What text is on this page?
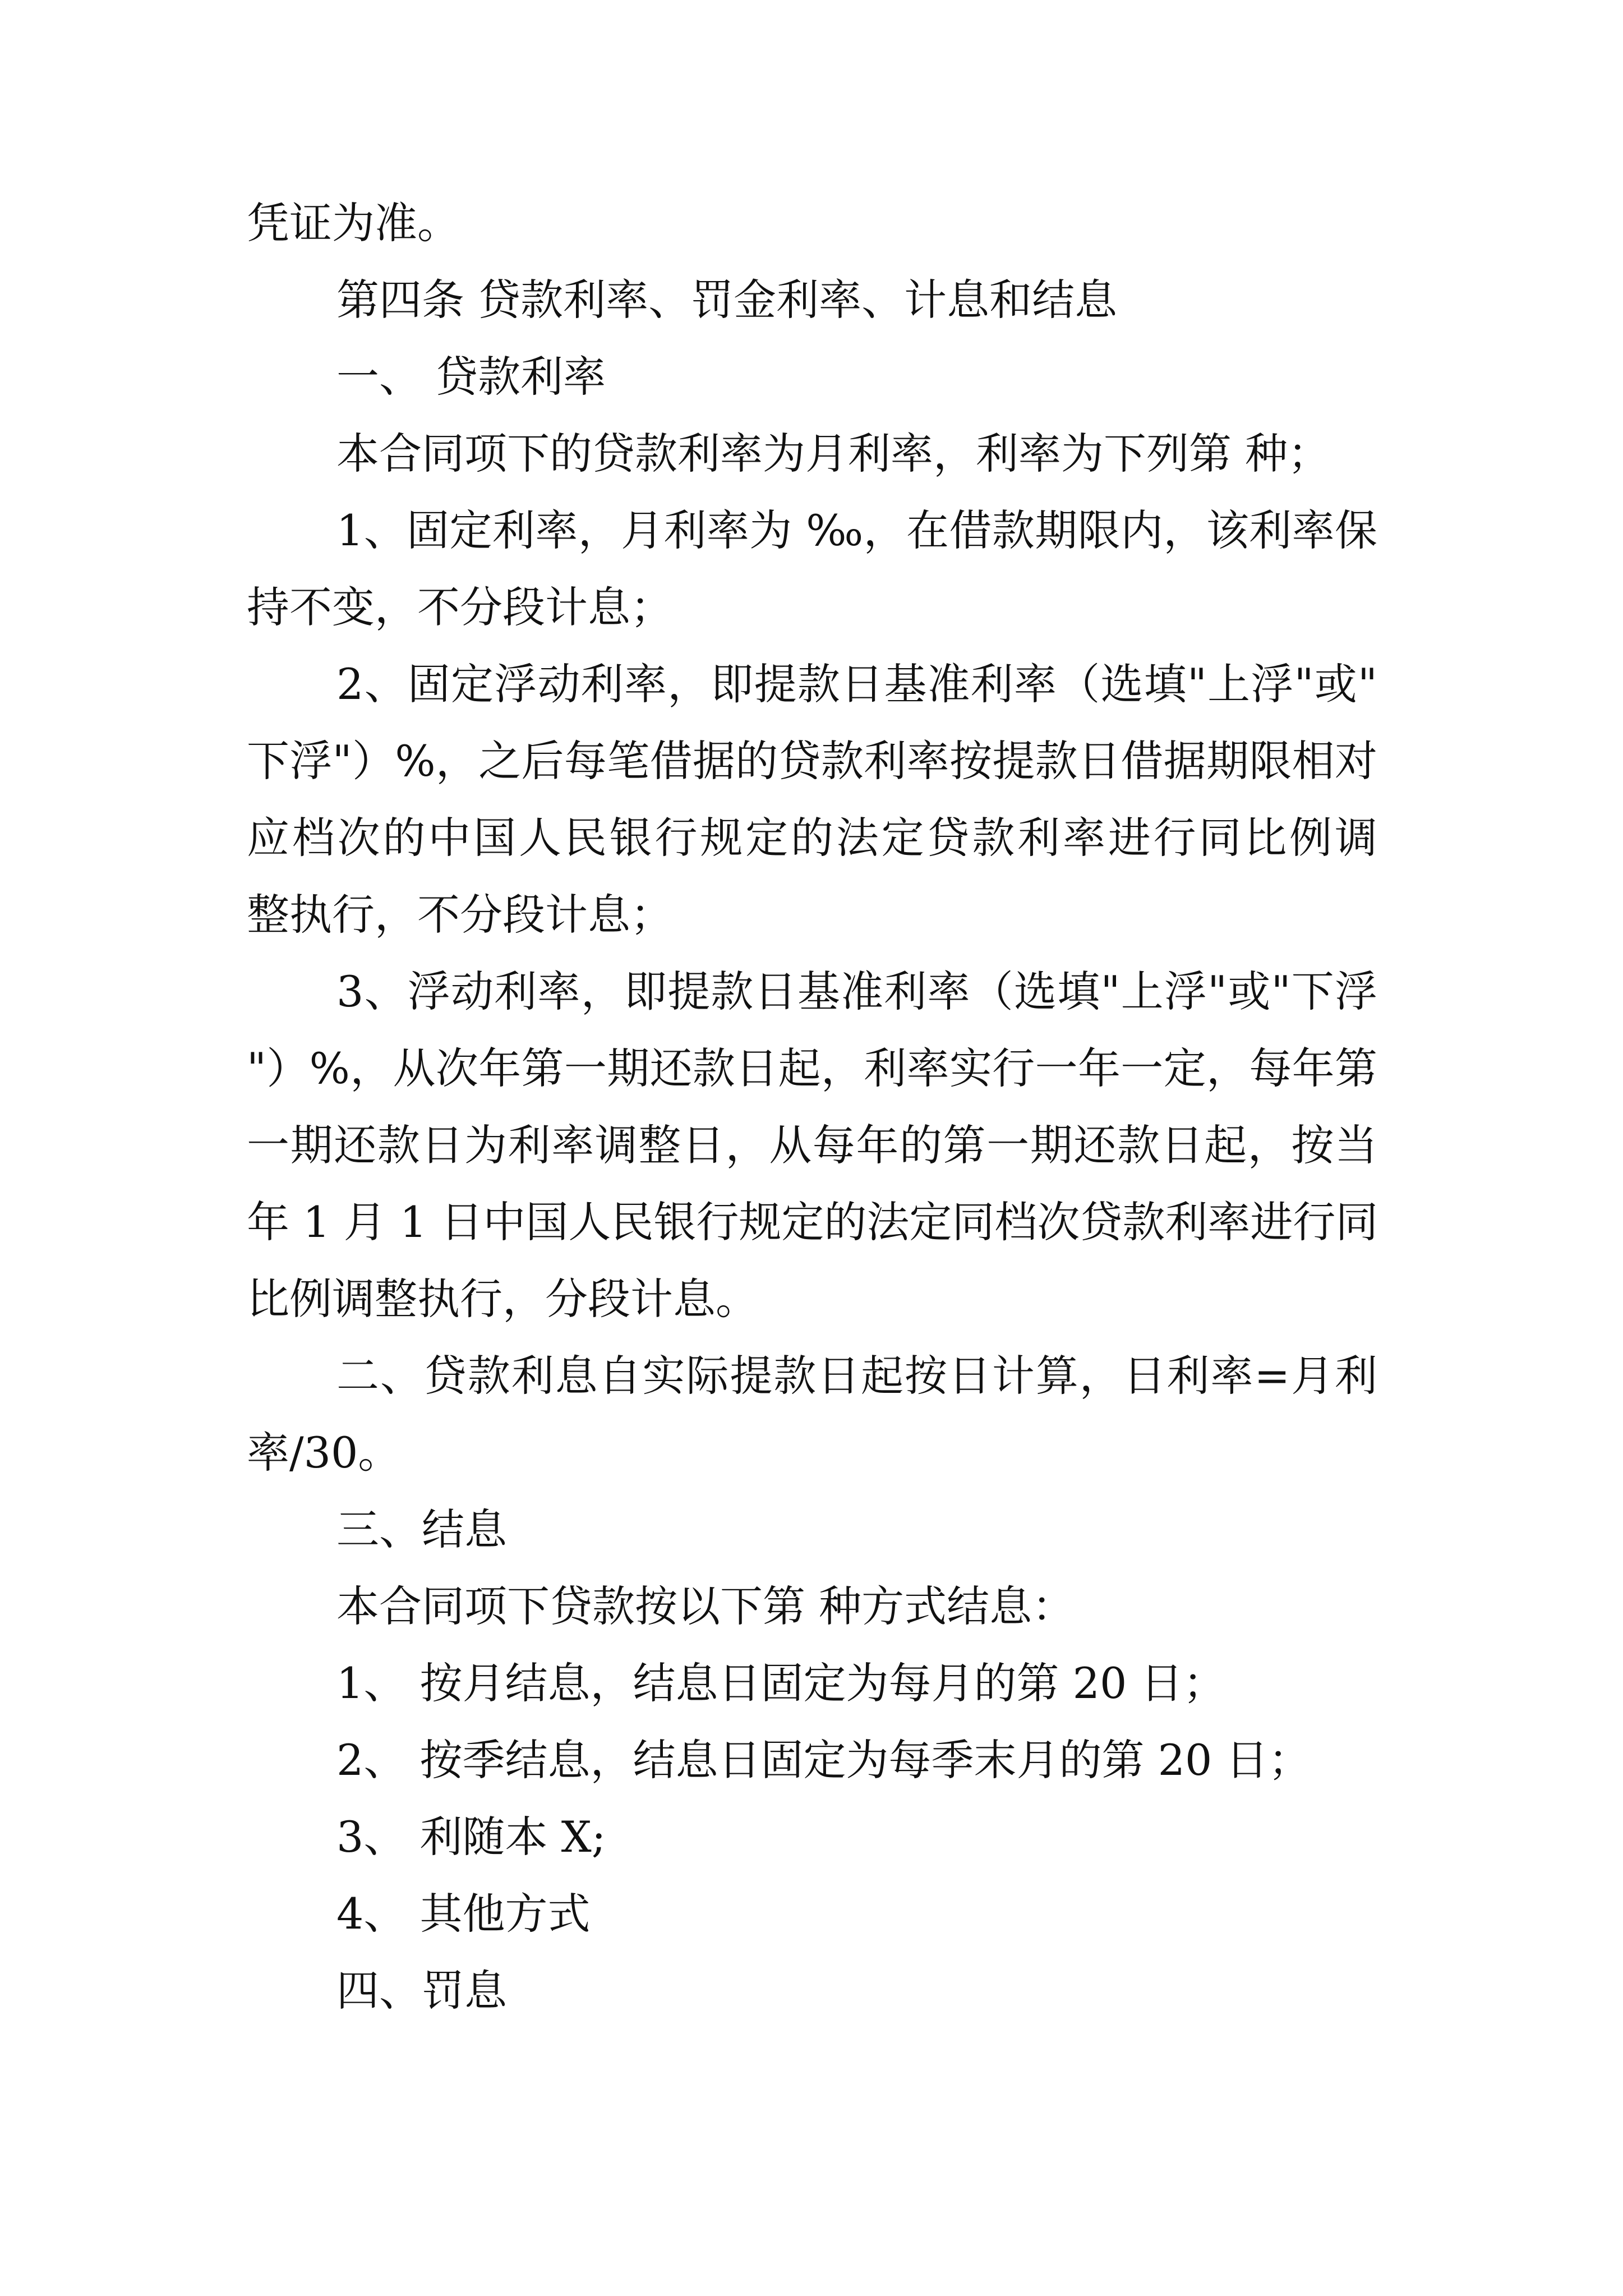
凭证为准。
第四条 贷款利率、罚金利率、计息和结息
一、 贷款利率
本合同项下的贷款利率为月利率，利率为下列第 种；
1、固定利率，月利率为 ‰，在借款期限内，该利率保
持不变，不分段计息；
2、固定浮动利率，即提款日基准利率（选填"上浮"或"
下浮"）%，之后每笔借据的贷款利率按提款日借据期限相对
应档次的中国人民银行规定的法定贷款利率进行同比例调
整执行，不分段计息；
3、浮动利率，即提款日基准利率（选填"上浮"或"下浮
"）%，从次年第一期还款日起，利率实行一年一定，每年第
一期还款日为利率调整日，从每年的第一期还款日起，按当
年 1 月 1 日中国人民银行规定的法定同档次贷款利率进行同
比例调整执行，分段计息。
二、贷款利息自实际提款日起按日计算，日利率=月利
率/30。
三、结息
本合同项下贷款按以下第 种方式结息：
1、 按月结息，结息日固定为每月的第 20 日；
2、 按季结息，结息日固定为每季末月的第 20 日；
3、 利随本 X;
4、 其他方式
四、罚息
